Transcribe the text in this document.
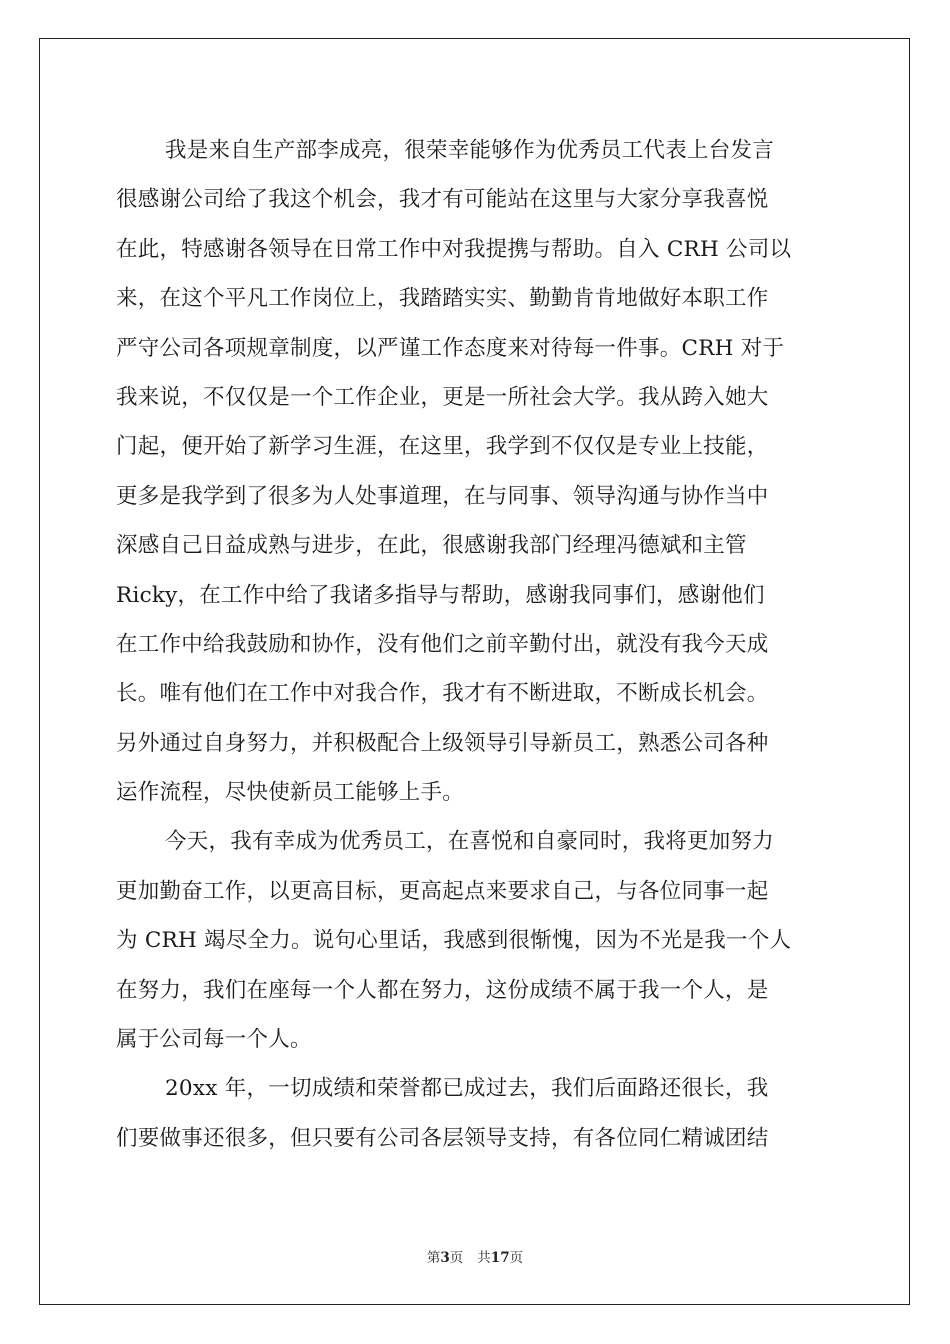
我是来自生产部李成亮，很荣幸能够作为优秀员工代表上台发言
很感谢公司给了我这个机会，我才有可能站在这里与大家分享我喜悦
在此，特感谢各领导在日常工作中对我提携与帮助。自入 CRH 公司以
来，在这个平凡工作岗位上，我踏踏实实、勤勤肯肯地做好本职工作
严守公司各项规章制度，以严谨工作态度来对待每一件事。CRH 对于
我来说，不仅仅是一个工作企业，更是一所社会大学。我从跨入她大
门起，便开始了新学习生涯，在这里，我学到不仅仅是专业上技能，
更多是我学到了很多为人处事道理，在与同事、领导沟通与协作当中
深感自己日益成熟与进步，在此，很感谢我部门经理冯德斌和主管
Ricky，在工作中给了我诸多指导与帮助，感谢我同事们，感谢他们
在工作中给我鼓励和协作，没有他们之前辛勤付出，就没有我今天成
长。唯有他们在工作中对我合作，我才有不断进取，不断成长机会。
另外通过自身努力，并积极配合上级领导引导新员工，熟悉公司各种
运作流程，尽快使新员工能够上手。
今天，我有幸成为优秀员工，在喜悦和自豪同时，我将更加努力
更加勤奋工作，以更高目标，更高起点来要求自己，与各位同事一起
为 CRH 竭尽全力。说句心里话，我感到很惭愧，因为不光是我一个人
在努力，我们在座每一个人都在努力，这份成绩不属于我一个人，是
属于公司每一个人。
20xx 年，一切成绩和荣誉都已成过去，我们后面路还很长，我
们要做事还很多，但只要有公司各层领导支持，有各位同仁精诚团结
第3页 共17页
